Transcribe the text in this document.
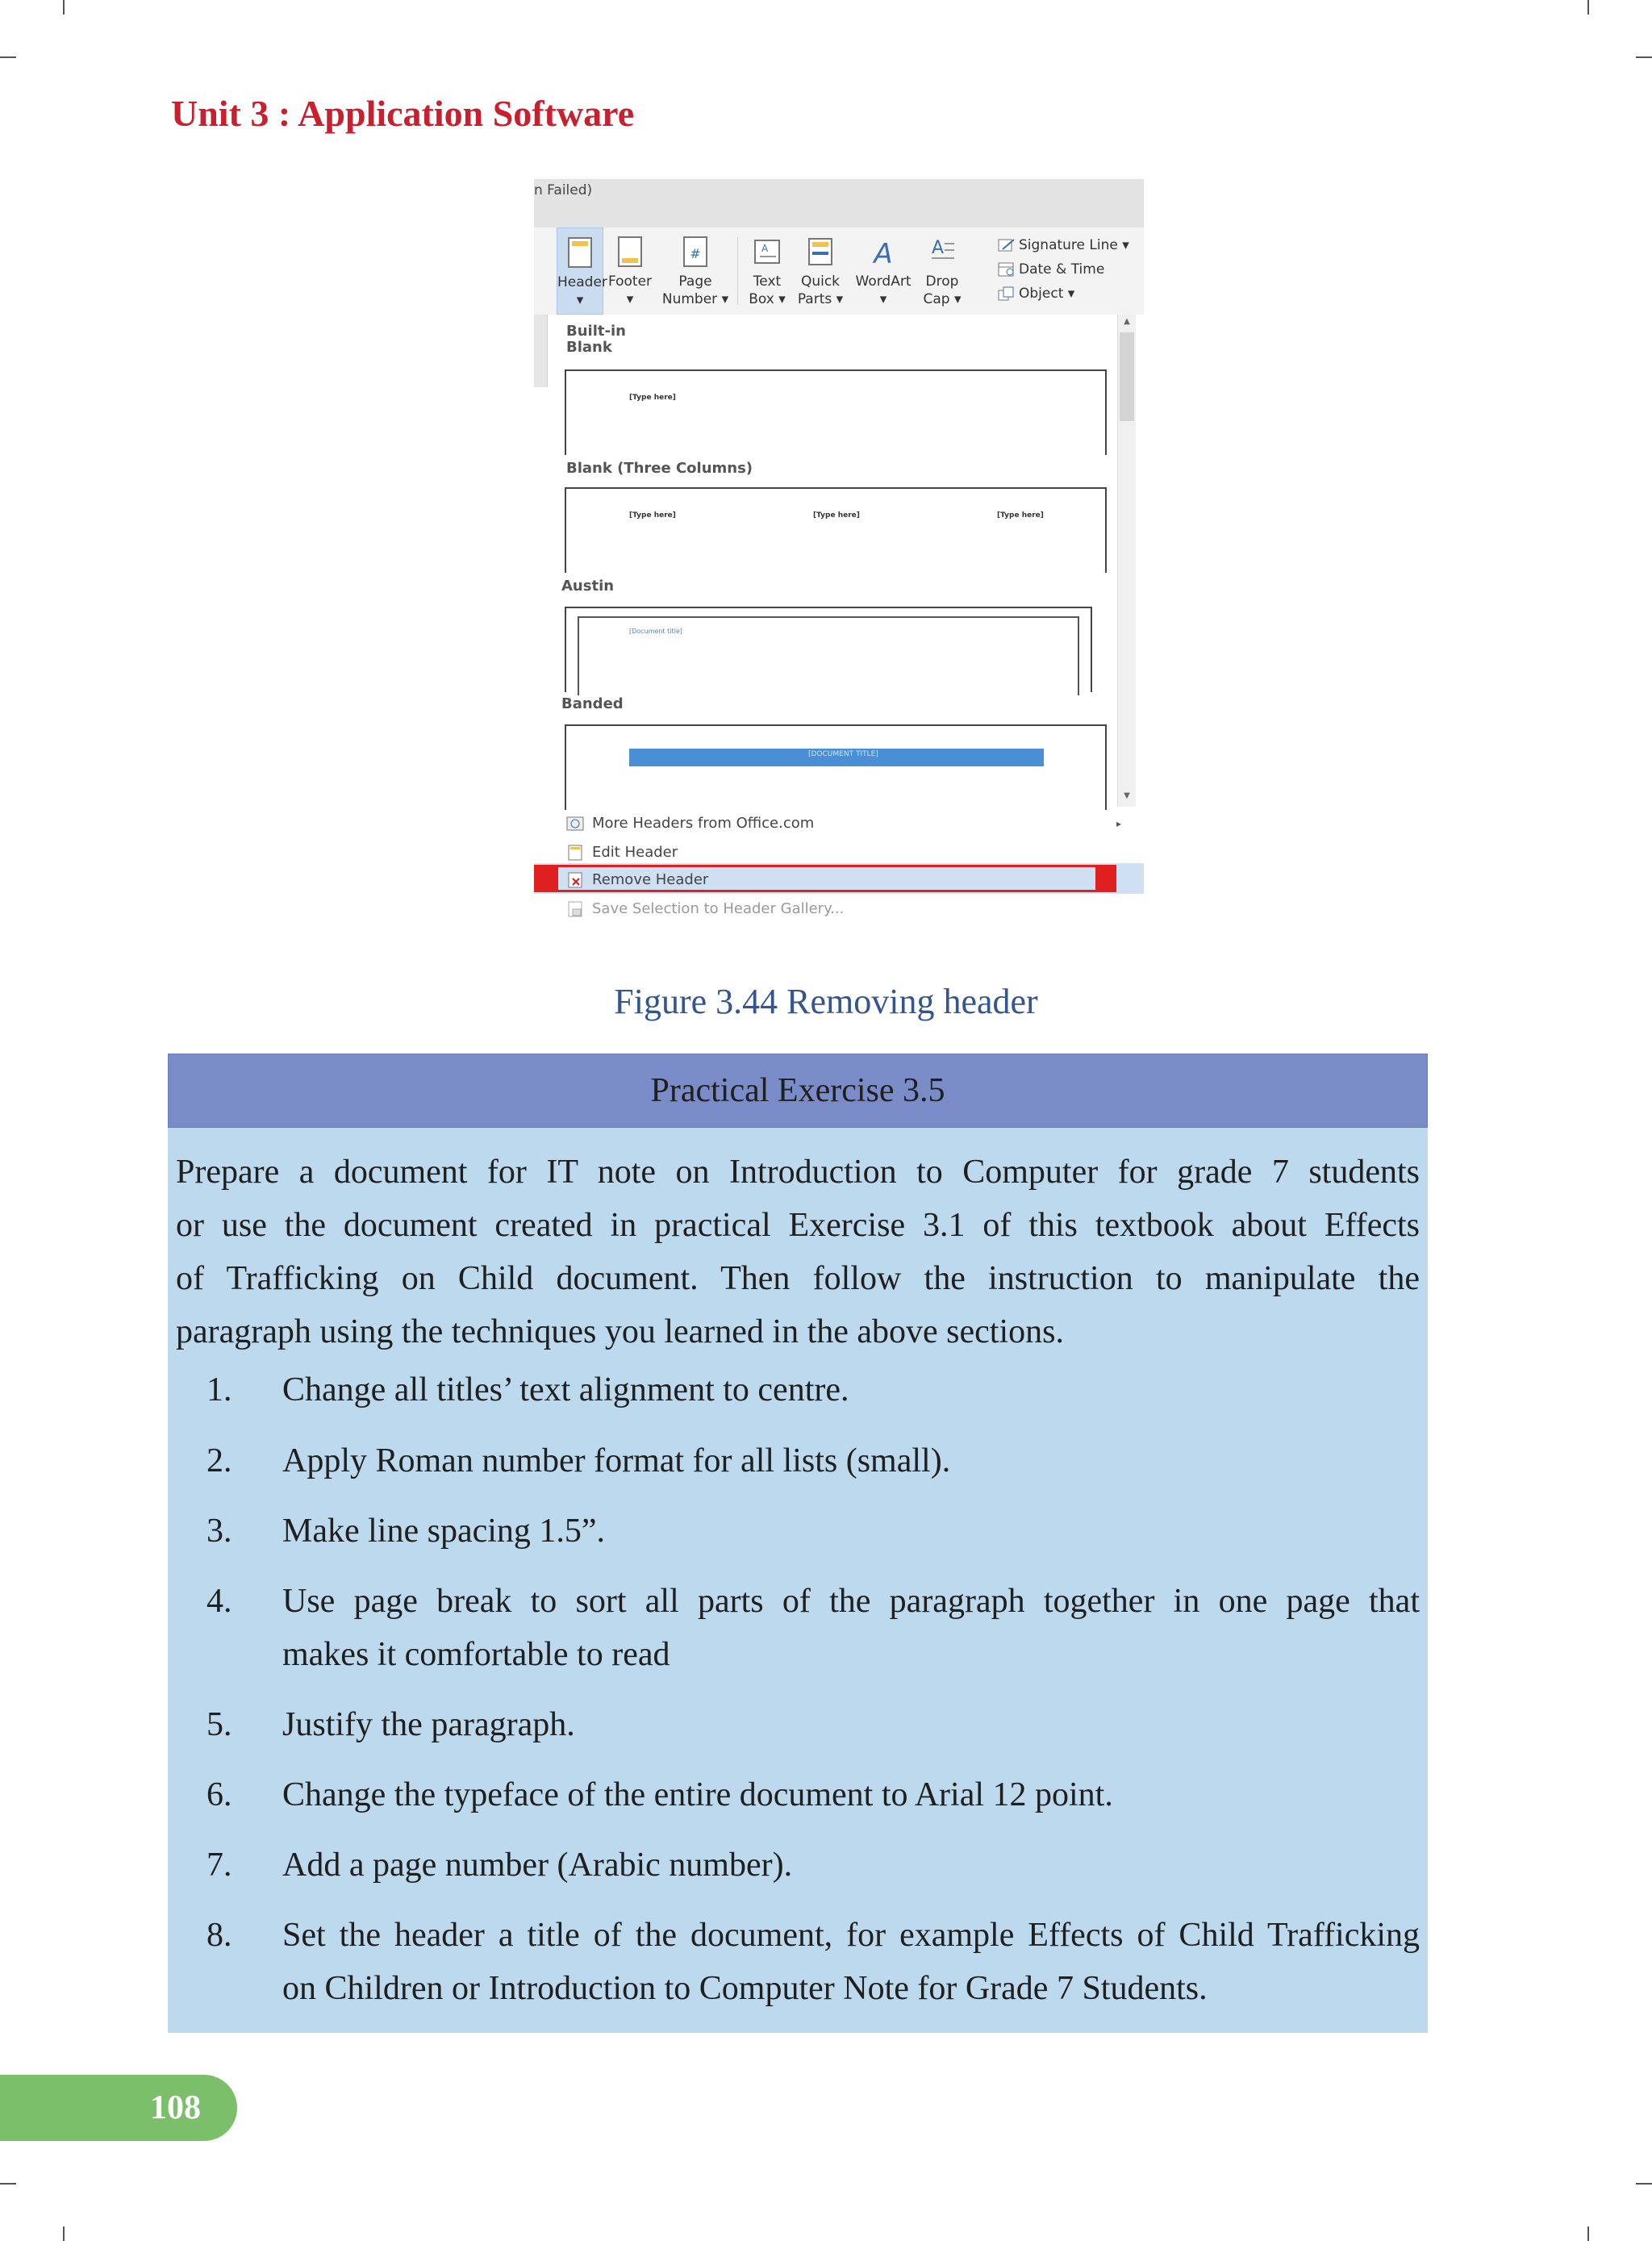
Unit 3 : Application Software
n Failed)
Header
▾
Footer
▾
#
Page
Number ▾
A
Text
Box ▾
Quick
Parts ▾
A
WordArt
▾
A
Drop
Cap ▾
Signature Line ▾
Date & Time
Object ▾
Built-in
Blank
[Type here]
Blank (Three Columns)
[Type here]	[Type here]	[Type here]
Austin
[Document title]
Banded
[DOCUMENT TITLE]
▲
▼
More Headers from Office.com	▸
Edit Header
Remove Header
Save Selection to Header Gallery...
Figure 3.44 Removing header
Practical Exercise 3.5
Prepare a document for IT note on Introduction to Computer for grade 7 students
or use the document created in practical Exercise 3.1 of this textbook about Effects
of Trafficking on Child document. Then follow the instruction to manipulate the
paragraph using the techniques you learned in the above sections.
1.	Change all titles’ text alignment to centre.
2.	Apply Roman number format for all lists (small).
3.	Make line spacing 1.5”.
4.	Use page break to sort all parts of the paragraph together in one page that
makes it comfortable to read
5.	Justify the paragraph.
6.	Change the typeface of the entire document to Arial 12 point.
7.	Add a page number (Arabic number).
8.	Set the header a title of the document, for example Effects of Child Trafficking
on Children or Introduction to Computer Note for Grade 7 Students.
108
